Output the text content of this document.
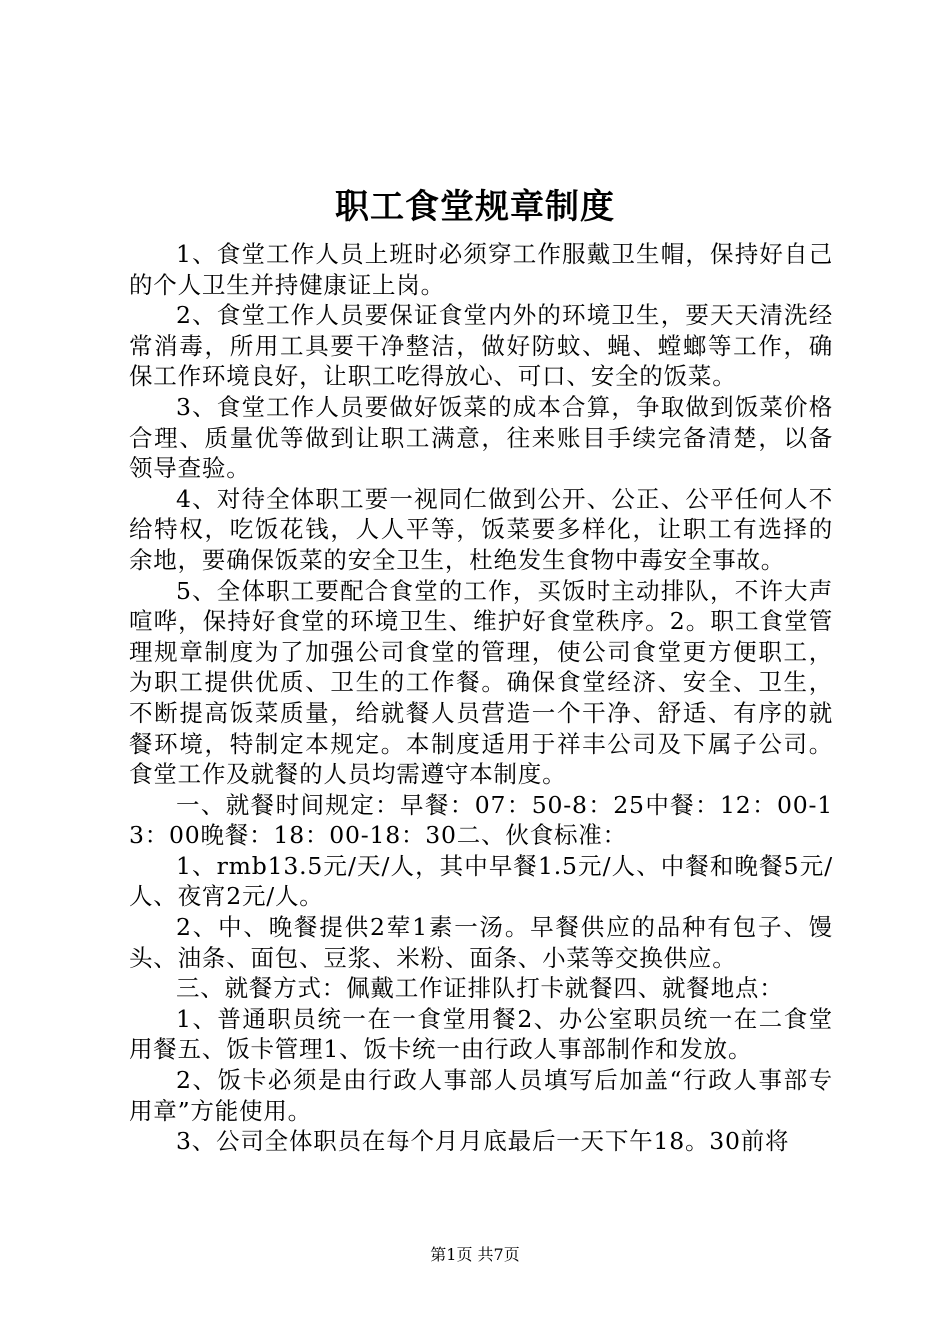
职工食堂规章制度

1、食堂工作人员上班时必须穿工作服戴卫生帽，保持好自己的个人卫生并持健康证上岗。

2、食堂工作人员要保证食堂内外的环境卫生，要天天清洗经常消毒，所用工具要干净整洁，做好防蚊、蝇、螳螂等工作，确保工作环境良好，让职工吃得放心、可口、安全的饭菜。

3、食堂工作人员要做好饭菜的成本合算，争取做到饭菜价格合理、质量优等做到让职工满意，往来账目手续完备清楚，以备领导查验。

4、对待全体职工要一视同仁做到公开、公正、公平任何人不给特权，吃饭花钱，人人平等，饭菜要多样化，让职工有选择的余地，要确保饭菜的安全卫生，杜绝发生食物中毒安全事故。

5、全体职工要配合食堂的工作，买饭时主动排队，不许大声喧哗，保持好食堂的环境卫生、维护好食堂秩序。2。职工食堂管理规章制度为了加强公司食堂的管理，使公司食堂更方便职工，为职工提供优质、卫生的工作餐。确保食堂经济、安全、卫生，不断提高饭菜质量，给就餐人员营造一个干净、舒适、有序的就餐环境，特制定本规定。本制度适用于祥丰公司及下属子公司。食堂工作及就餐的人员均需遵守本制度。

一、就餐时间规定：早餐：07：50-8：25中餐：12：00-13：00晚餐：18：00-18：30二、伙食标准：

1、rmb13.5元/天/人，其中早餐1.5元/人、中餐和晚餐5元/人、夜宵2元/人。

2、中、晚餐提供2荤1素一汤。早餐供应的品种有包子、馒头、油条、面包、豆浆、米粉、面条、小菜等交换供应。

三、就餐方式：佩戴工作证排队打卡就餐四、就餐地点：

1、普通职员统一在一食堂用餐2、办公室职员统一在二食堂用餐五、饭卡管理1、饭卡统一由行政人事部制作和发放。

2、饭卡必须是由行政人事部人员填写后加盖“行政人事部专用章”方能使用。

3、公司全体职员在每个月月底最后一天下午18。30前将

第1页 共7页
